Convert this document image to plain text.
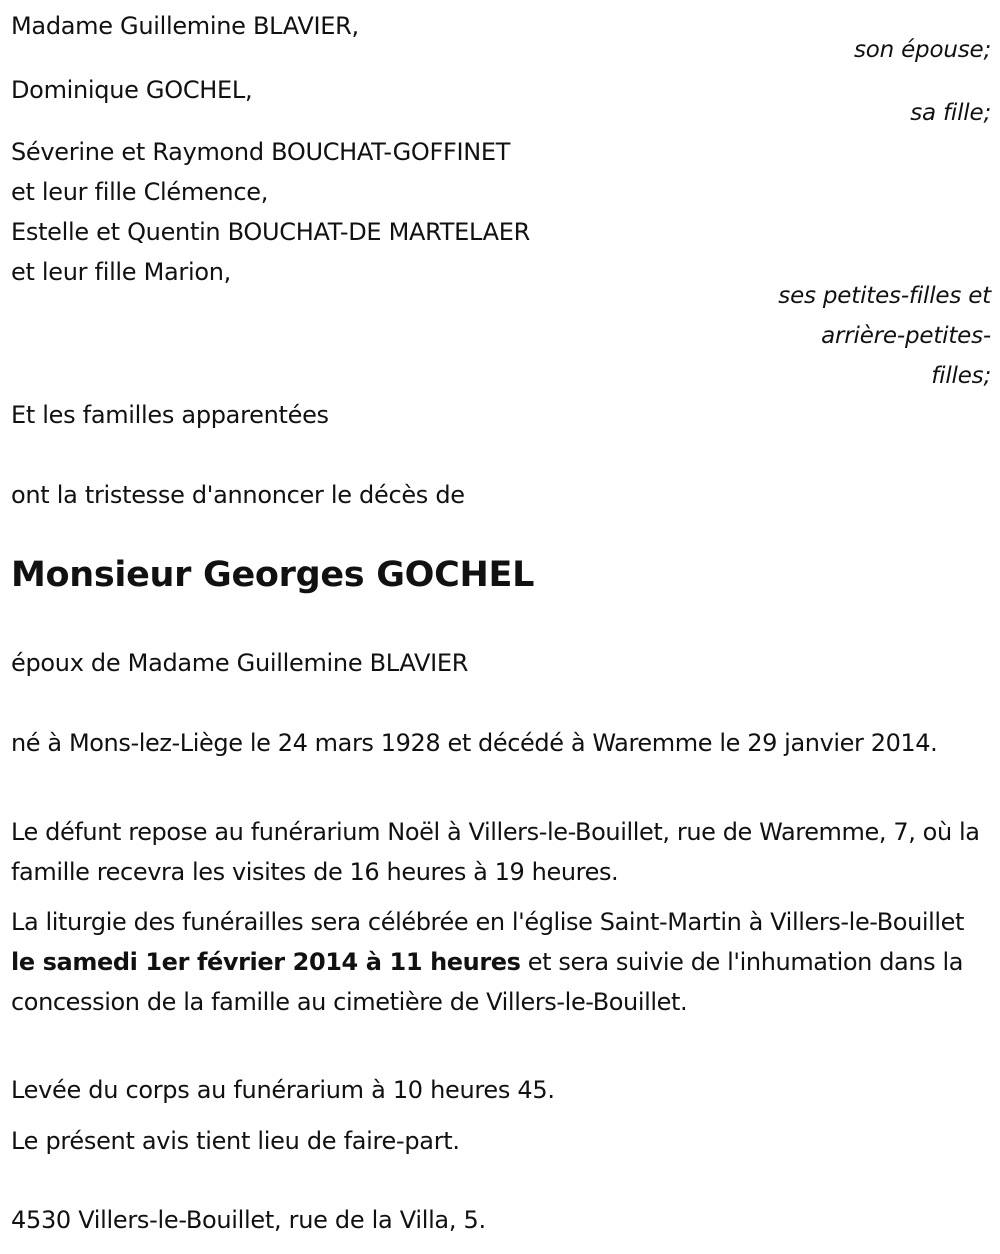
Madame Guillemine BLAVIER,
son épouse;
Dominique GOCHEL,
sa fille;
Séverine et Raymond BOUCHAT-GOFFINET
et leur fille Clémence,
Estelle et Quentin BOUCHAT-DE MARTELAER
et leur fille Marion,
ses petites-filles et
arrière-petites-
filles;
Et les familles apparentées
ont la tristesse d'annoncer le décès de
Monsieur Georges GOCHEL
époux de Madame Guillemine BLAVIER
né à Mons-lez-Liège le 24 mars 1928 et décédé à Waremme le 29 janvier 2014.
Le défunt repose au funérarium Noël à Villers-le-Bouillet, rue de Waremme, 7, où la famille recevra les visites de 16 heures à 19 heures.
La liturgie des funérailles sera célébrée en l'église Saint-Martin à Villers-le-Bouillet le samedi 1er février 2014 à 11 heures et sera suivie de l'inhumation dans la concession de la famille au cimetière de Villers-le-Bouillet.
Levée du corps au funérarium à 10 heures 45.
Le présent avis tient lieu de faire-part.
4530 Villers-le-Bouillet, rue de la Villa, 5.
